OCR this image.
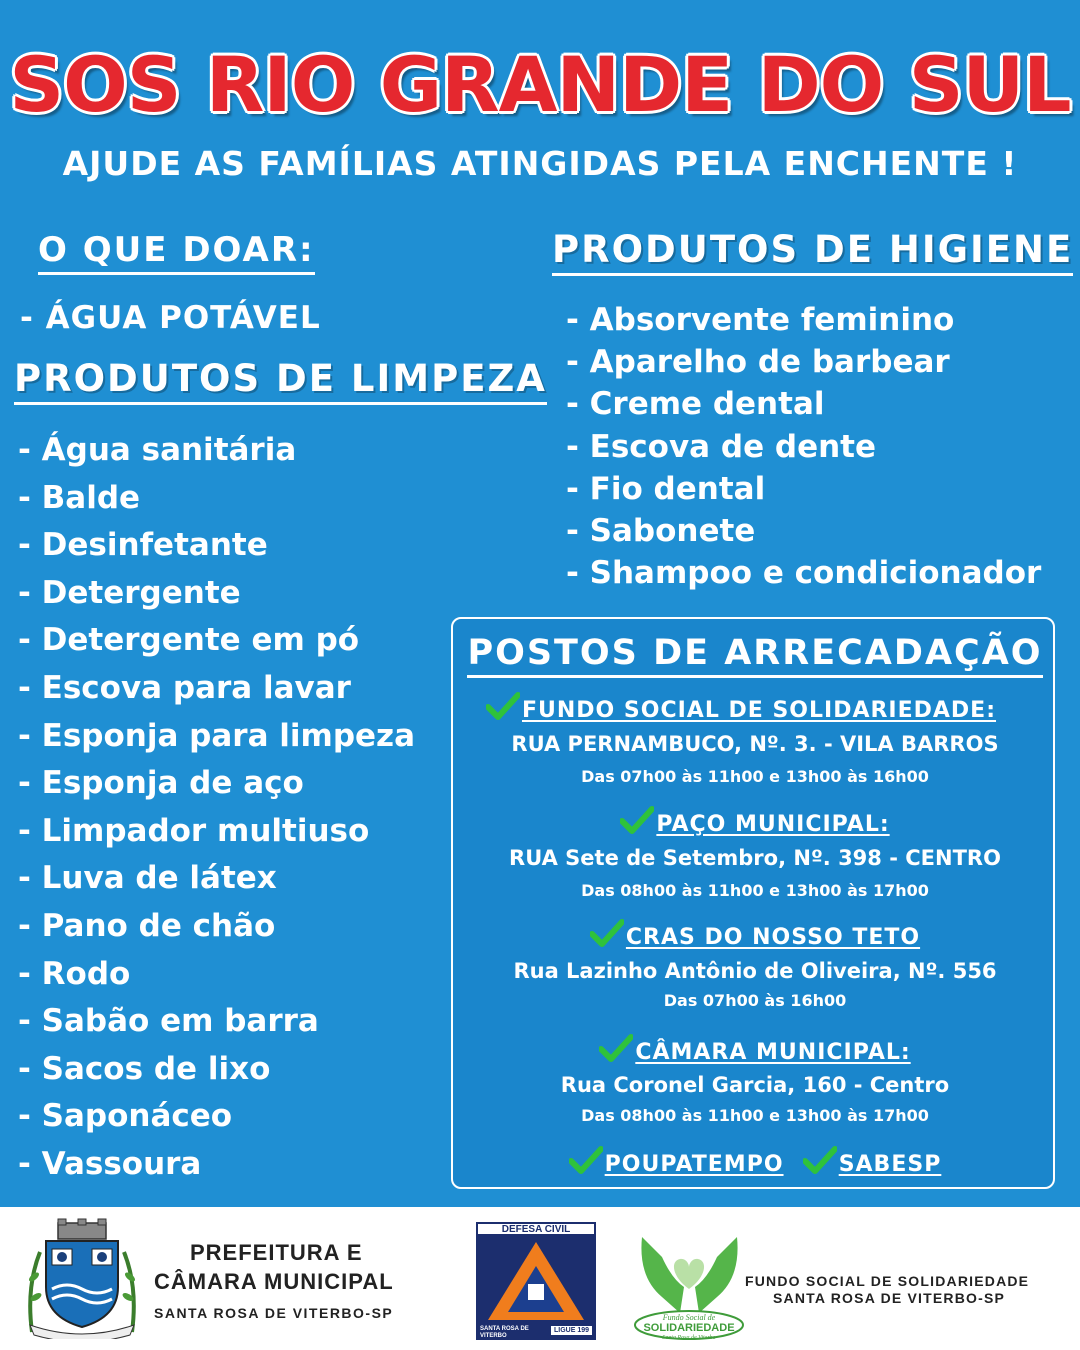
SOS RIO GRANDE DO SUL
AJUDE AS FAMÍLIAS ATINGIDAS PELA ENCHENTE !
O QUE DOAR:
- ÁGUA POTÁVEL
PRODUTOS DE LIMPEZA
PRODUTOS DE HIGIENE
POSTOS DE ARRECADAÇÃO
FUNDO SOCIAL DE SOLIDARIEDADE:
RUA PERNAMBUCO, Nº. 3. - VILA BARROS
Das 07h00 às 11h00 e 13h00 às 16h00
PAÇO MUNICIPAL:
RUA Sete de Setembro, Nº. 398 - CENTRO
Das 08h00 às 11h00 e 13h00 às 17h00
CRAS DO NOSSO TETO
Rua Lazinho Antônio de Oliveira, Nº. 556
Das 07h00 às 16h00
CÂMARA MUNICIPAL:
Rua Coronel Garcia, 160 - Centro
Das 08h00 às 11h00 e 13h00 às 17h00
POUPATEMPO	SABESP
- Água sanitária
- Balde
- Desinfetante
- Detergente
- Detergente em pó
- Escova para lavar
- Esponja para limpeza
- Esponja de aço
- Limpador multiuso
- Luva de látex
- Pano de chão
- Rodo
- Sabão em barra
- Sacos de lixo
- Saponáceo
- Vassoura
- Absorvente feminino
- Aparelho de barbear
- Creme dental
- Escova de dente
- Fio dental
- Sabonete
- Shampoo e condicionador
PREFEITURA E
CÂMARA MUNICIPAL
SANTA ROSA DE VITERBO-SP
DEFESA CIVIL
SANTA ROSA DE VITERBO
LIGUE 199
Fundo Social de
SOLIDARIEDADE
Santa Rosa de Viterbo
FUNDO SOCIAL DE SOLIDARIEDADE
SANTA ROSA DE VITERBO-SP
